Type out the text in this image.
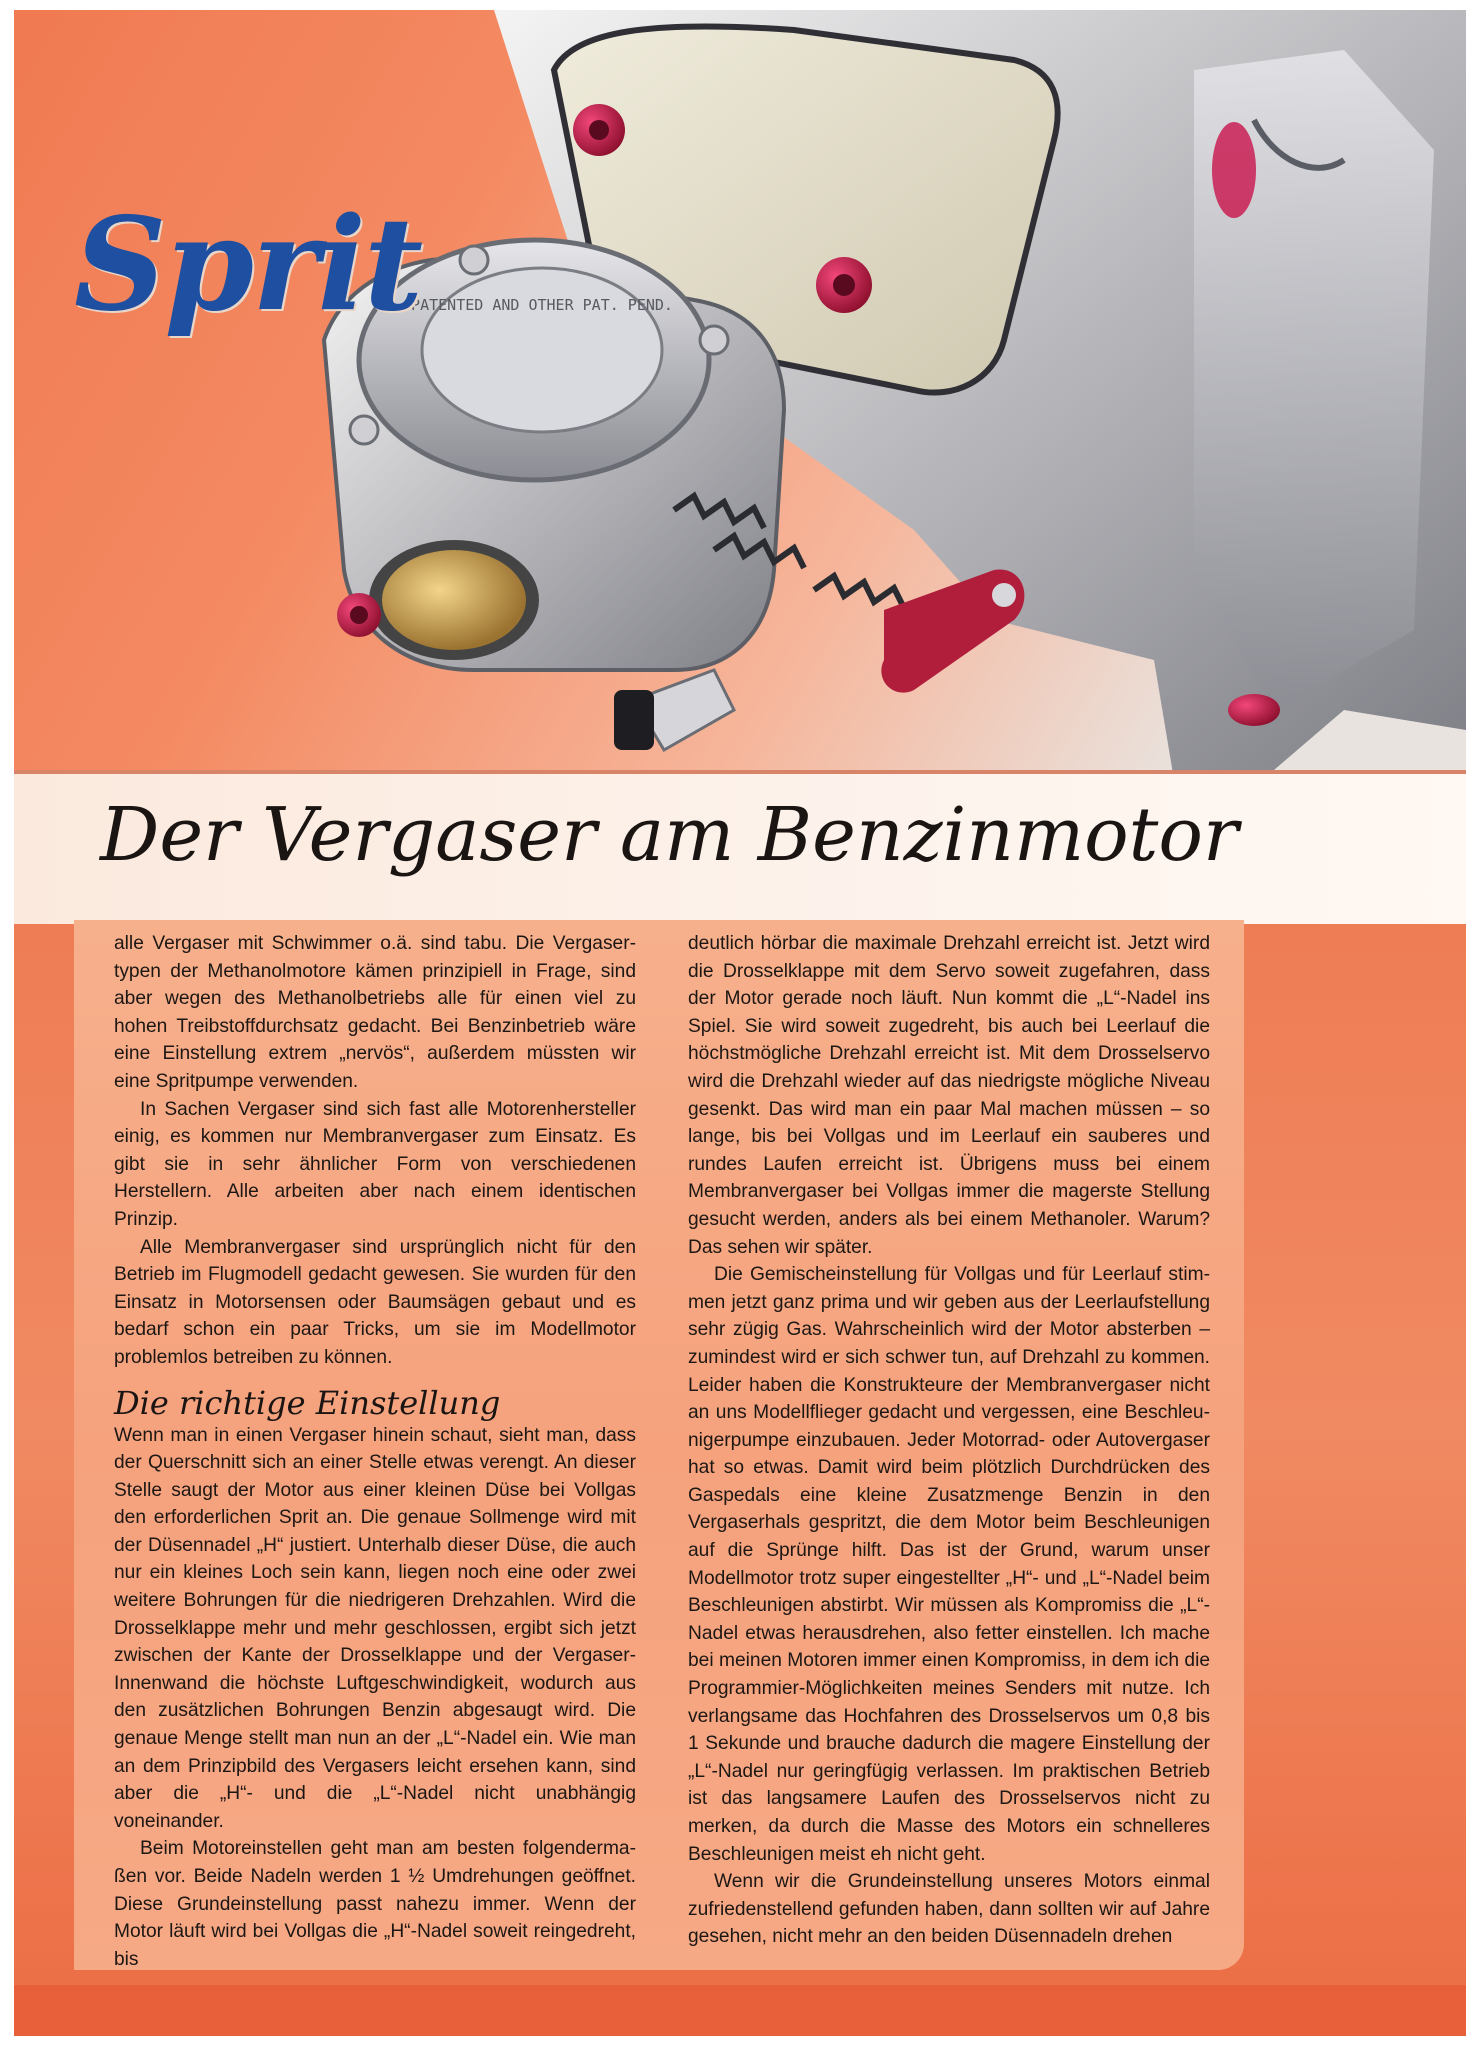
PATENTED AND OTHER PAT. PEND.
Sprit
Der Vergaser am Benzinmotor

alle Vergaser mit Schwimmer o.ä. sind tabu. Die Vergasertypen der Methanolmotore kämen prinzipiell in Frage, sind aber wegen des Methanolbetriebs alle für einen viel zu hohen Treibstoffdurchsatz gedacht. Bei Benzinbetrieb wäre eine Einstellung extrem „nervös“, außerdem müssten wir eine Spritpumpe verwenden.

In Sachen Vergaser sind sich fast alle Motorenhersteller einig, es kommen nur Membranvergaser zum Einsatz. Es gibt sie in sehr ähnlicher Form von verschiedenen Herstellern. Alle arbeiten aber nach einem identischen Prinzip.

Alle Membranvergaser sind ursprünglich nicht für den Betrieb im Flugmodell gedacht gewesen. Sie wurden für den Einsatz in Motorsensen oder Baumsägen gebaut und es bedarf schon ein paar Tricks, um sie im Modellmotor problemlos betreiben zu können.

Die richtige Einstellung

Wenn man in einen Vergaser hinein schaut, sieht man, dass der Querschnitt sich an einer Stelle etwas verengt. An dieser Stelle saugt der Motor aus einer kleinen Düse bei Vollgas den erforderlichen Sprit an. Die genaue Sollmenge wird mit der Düsennadel „H“ justiert. Unterhalb dieser Düse, die auch nur ein kleines Loch sein kann, liegen noch eine oder zwei weitere Bohrungen für die niedrigeren Drehzahlen. Wird die Drosselklappe mehr und mehr geschlossen, ergibt sich jetzt zwischen der Kante der Drosselklappe und der Vergaser-Innenwand die höchste Luftgeschwindigkeit, wodurch aus den zusätzlichen Bohrungen Benzin abgesaugt wird. Die genaue Menge stellt man nun an der „L“-Nadel ein. Wie man an dem Prinzipbild des Vergasers leicht ersehen kann, sind aber die „H“- und die „L“-Nadel nicht unabhängig voneinander.

Beim Motoreinstellen geht man am besten folgendermaßen vor. Beide Nadeln werden 1 ½ Umdrehungen geöffnet. Diese Grundeinstellung passt nahezu immer. Wenn der Motor läuft wird bei Vollgas die „H“-Nadel soweit reingedreht, bis

deutlich hörbar die maximale Drehzahl erreicht ist. Jetzt wird die Drosselklappe mit dem Servo soweit zugefahren, dass der Motor gerade noch läuft. Nun kommt die „L“-Nadel ins Spiel. Sie wird soweit zugedreht, bis auch bei Leerlauf die höchstmögliche Drehzahl erreicht ist. Mit dem Drosselservo wird die Drehzahl wieder auf das niedrigste mögliche Niveau gesenkt. Das wird man ein paar Mal machen müssen – so lange, bis bei Vollgas und im Leerlauf ein sauberes und rundes Laufen erreicht ist. Übrigens muss bei einem Membranvergaser bei Vollgas immer die magerste Stellung gesucht werden, anders als bei einem Methanoler. Warum? Das sehen wir später.

Die Gemischeinstellung für Vollgas und für Leerlauf stimmen jetzt ganz prima und wir geben aus der Leerlaufstellung sehr zügig Gas. Wahrscheinlich wird der Motor absterben – zumindest wird er sich schwer tun, auf Drehzahl zu kommen. Leider haben die Konstrukteure der Membranvergaser nicht an uns Modellflieger gedacht und vergessen, eine Beschleunigerpumpe einzubauen. Jeder Motorrad- oder Autovergaser hat so etwas. Damit wird beim plötzlich Durchdrücken des Gaspedals eine kleine Zusatzmenge Benzin in den Vergaserhals gespritzt, die dem Motor beim Beschleunigen auf die Sprünge hilft. Das ist der Grund, warum unser Modellmotor trotz super eingestellter „H“- und „L“-Nadel beim Beschleunigen abstirbt. Wir müssen als Kompromiss die „L“-Nadel etwas herausdrehen, also fetter einstellen. Ich mache bei meinen Motoren immer einen Kompromiss, in dem ich die Programmier-Möglichkeiten meines Senders mit nutze. Ich verlangsame das Hochfahren des Drosselservos um 0,8 bis 1 Sekunde und brauche dadurch die magere Einstellung der „L“-Nadel nur geringfügig verlassen. Im praktischen Betrieb ist das langsamere Laufen des Drosselservos nicht zu merken, da durch die Masse des Motors ein schnelleres Beschleunigen meist eh nicht geht.

Wenn wir die Grundeinstellung unseres Motors einmal zufriedenstellend gefunden haben, dann sollten wir auf Jahre gesehen, nicht mehr an den beiden Düsennadeln drehen
